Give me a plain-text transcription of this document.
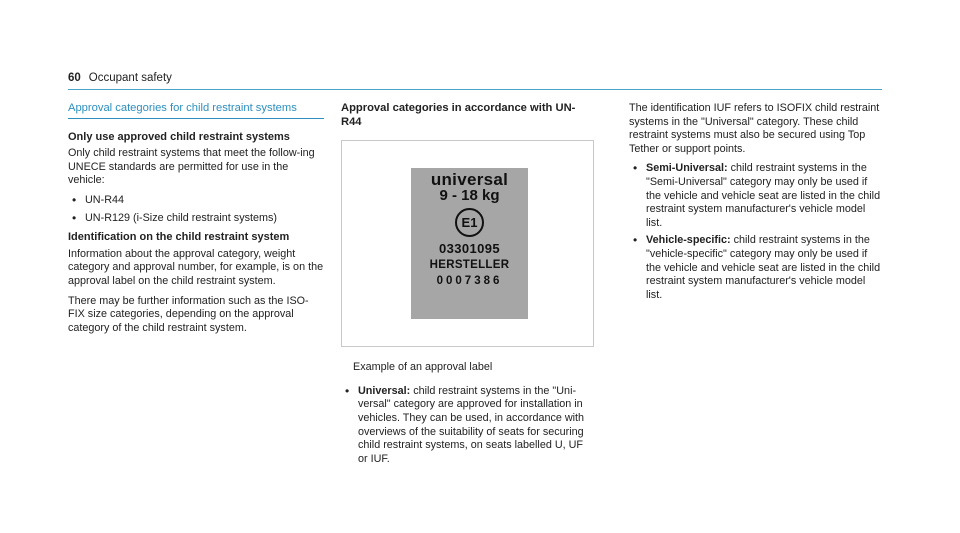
60 Occupant safety
Approval categories for child restraint systems
Only use approved child restraint systems

Only child restraint systems that meet the follow-ing UNECE standards are permitted for use in the vehicle:

• UN-R44
• UN-R129 (i-Size child restraint systems)
Identification on the child restraint system

Information about the approval category, weight category and approval number, for example, is on the approval label on the child restraint system.

There may be further information such as the ISO-FIX size categories, depending on the approval category of the child restraint system.

Approval categories in accordance with UN-R44
universal
9 - 18 kg
E1
03301095
HERSTELLER
0007386
Example of an approval label
• Universal: child restraint systems in the "Uni-versal" category are approved for installation in vehicles. They can be used, in accordance with overviews of the suitability of seats for securing child restraint systems, on seats labelled U, UF or IUF.

The identification IUF refers to ISOFIX child restraint systems in the "Universal" category. These child restraint systems must also be secured using Top Tether or support points.

• Semi-Universal: child restraint systems in the "Semi-Universal" category may only be used if the vehicle and vehicle seat are listed in the child restraint system manufacturer's vehicle model list.
• Vehicle-specific: child restraint systems in the "vehicle-specific" category may only be used if the vehicle and vehicle seat are listed in the child restraint system manufacturer's vehicle model list.
